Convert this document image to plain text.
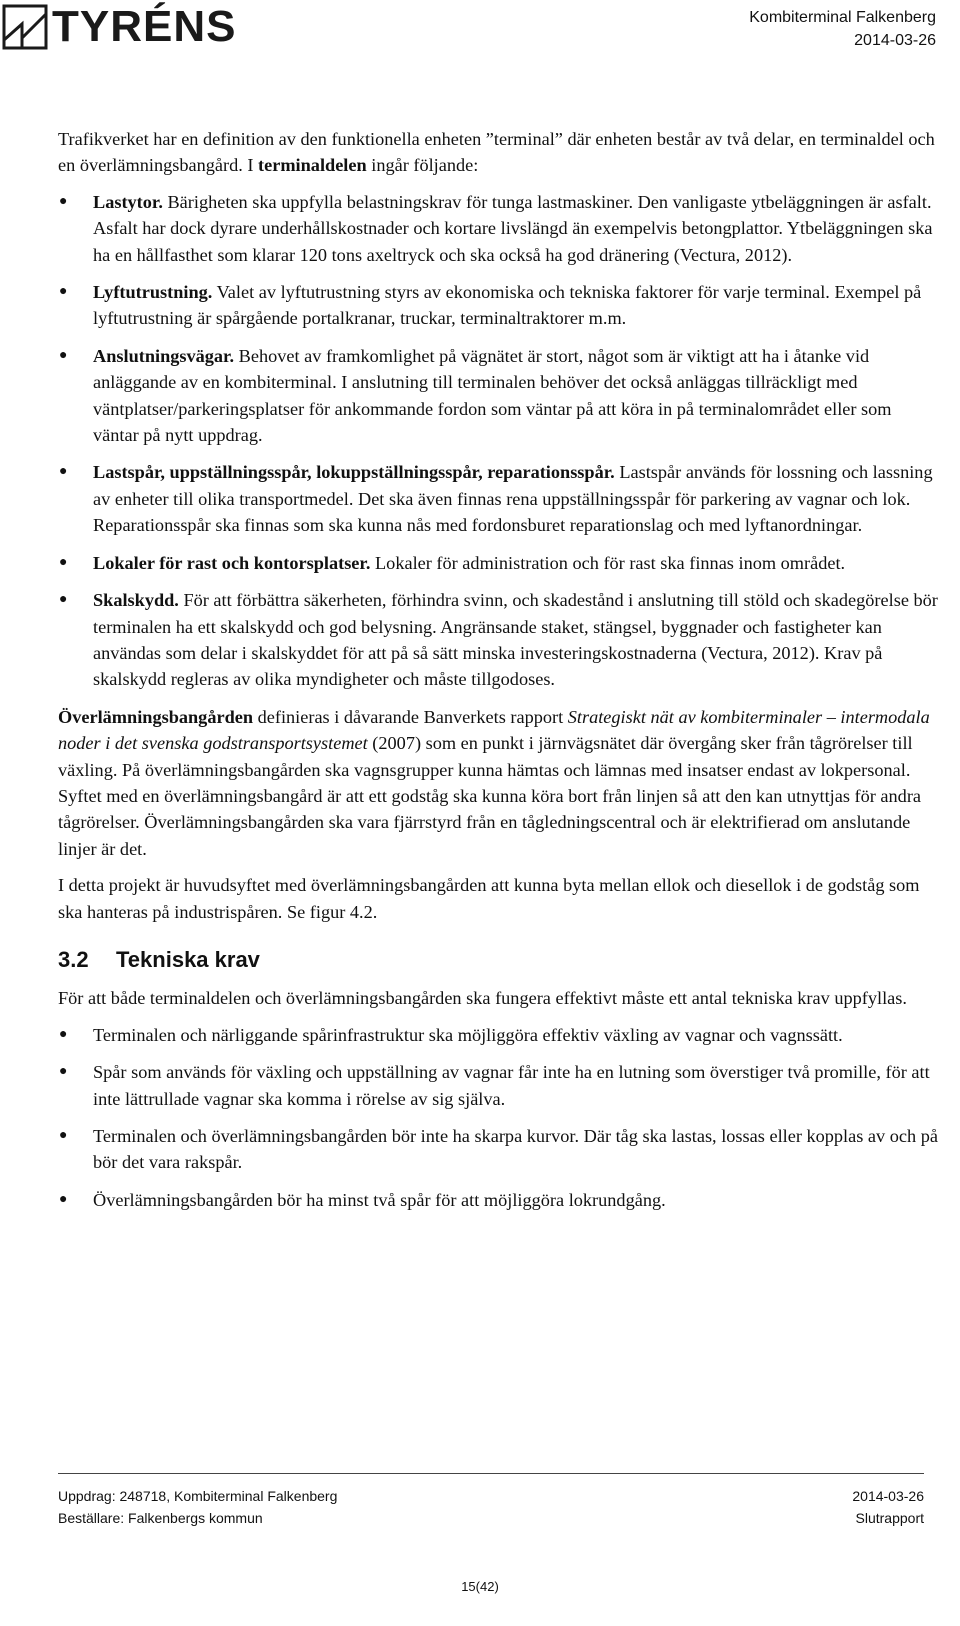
TYRÉNS	Kombiterminal Falkenberg
2014-03-26

Trafikverket har en definition av den funktionella enheten ”terminal” där enheten består av två delar, en terminaldel och en överlämningsbangård. I terminaldelen ingår följande:

● Lastytor. Bärigheten ska uppfylla belastningskrav för tunga lastmaskiner. Den vanligaste ytbeläggningen är asfalt. Asfalt har dock dyrare underhållskostnader och kortare livslängd än exempelvis betongplattor. Ytbeläggningen ska ha en hållfasthet som klarar 120 tons axeltryck och ska också ha god dränering (Vectura, 2012).
● Lyftutrustning. Valet av lyftutrustning styrs av ekonomiska och tekniska faktorer för varje terminal. Exempel på lyftutrustning är spårgående portalkranar, truckar, terminaltraktorer m.m.
● Anslutningsvägar. Behovet av framkomlighet på vägnätet är stort, något som är viktigt att ha i åtanke vid anläggande av en kombiterminal. I anslutning till terminalen behöver det också anläggas tillräckligt med väntplatser/parkeringsplatser för ankommande fordon som väntar på att köra in på terminalområdet eller som väntar på nytt uppdrag.
● Lastspår, uppställningsspår, lokuppställningsspår, reparationsspår. Lastspår används för lossning och lassning av enheter till olika transportmedel. Det ska även finnas rena uppställningsspår för parkering av vagnar och lok. Reparationsspår ska finnas som ska kunna nås med fordonsburet reparationslag och med lyftanordningar.
● Lokaler för rast och kontorsplatser. Lokaler för administration och för rast ska finnas inom området.
● Skalskydd. För att förbättra säkerheten, förhindra svinn, och skadestånd i anslutning till stöld och skadegörelse bör terminalen ha ett skalskydd och god belysning. Angränsande staket, stängsel, byggnader och fastigheter kan användas som delar i skalskyddet för att på så sätt minska investeringskostnaderna (Vectura, 2012). Krav på skalskydd regleras av olika myndigheter och måste tillgodoses.

Överlämningsbangården definieras i dåvarande Banverkets rapport Strategiskt nät av kombiterminaler – intermodala noder i det svenska godstransportsystemet (2007) som en punkt i järnvägsnätet där övergång sker från tågrörelser till växling. På överlämningsbangården ska vagnsgrupper kunna hämtas och lämnas med insatser endast av lokpersonal. Syftet med en överlämningsbangård är att ett godståg ska kunna köra bort från linjen så att den kan utnyttjas för andra tågrörelser. Överlämningsbangården ska vara fjärrstyrd från en tågledningscentral och är elektrifierad om anslutande linjer är det.

I detta projekt är huvudsyftet med överlämningsbangården att kunna byta mellan ellok och diesellok i de godståg som ska hanteras på industrispåren. Se figur 4.2.

3.2	Tekniska krav

För att både terminaldelen och överlämningsbangården ska fungera effektivt måste ett antal tekniska krav uppfyllas.

● Terminalen och närliggande spårinfrastruktur ska möjliggöra effektiv växling av vagnar och vagnssätt.
● Spår som används för växling och uppställning av vagnar får inte ha en lutning som överstiger två promille, för att inte lättrullade vagnar ska komma i rörelse av sig själva.
● Terminalen och överlämningsbangården bör inte ha skarpa kurvor. Där tåg ska lastas, lossas eller kopplas av och på bör det vara rakspår.
● Överlämningsbangården bör ha minst två spår för att möjliggöra lokrundgång.
Uppdrag: 248718, Kombiterminal Falkenberg	2014-03-26
Beställare: Falkenbergs kommun	Slutrapport
15(42)
